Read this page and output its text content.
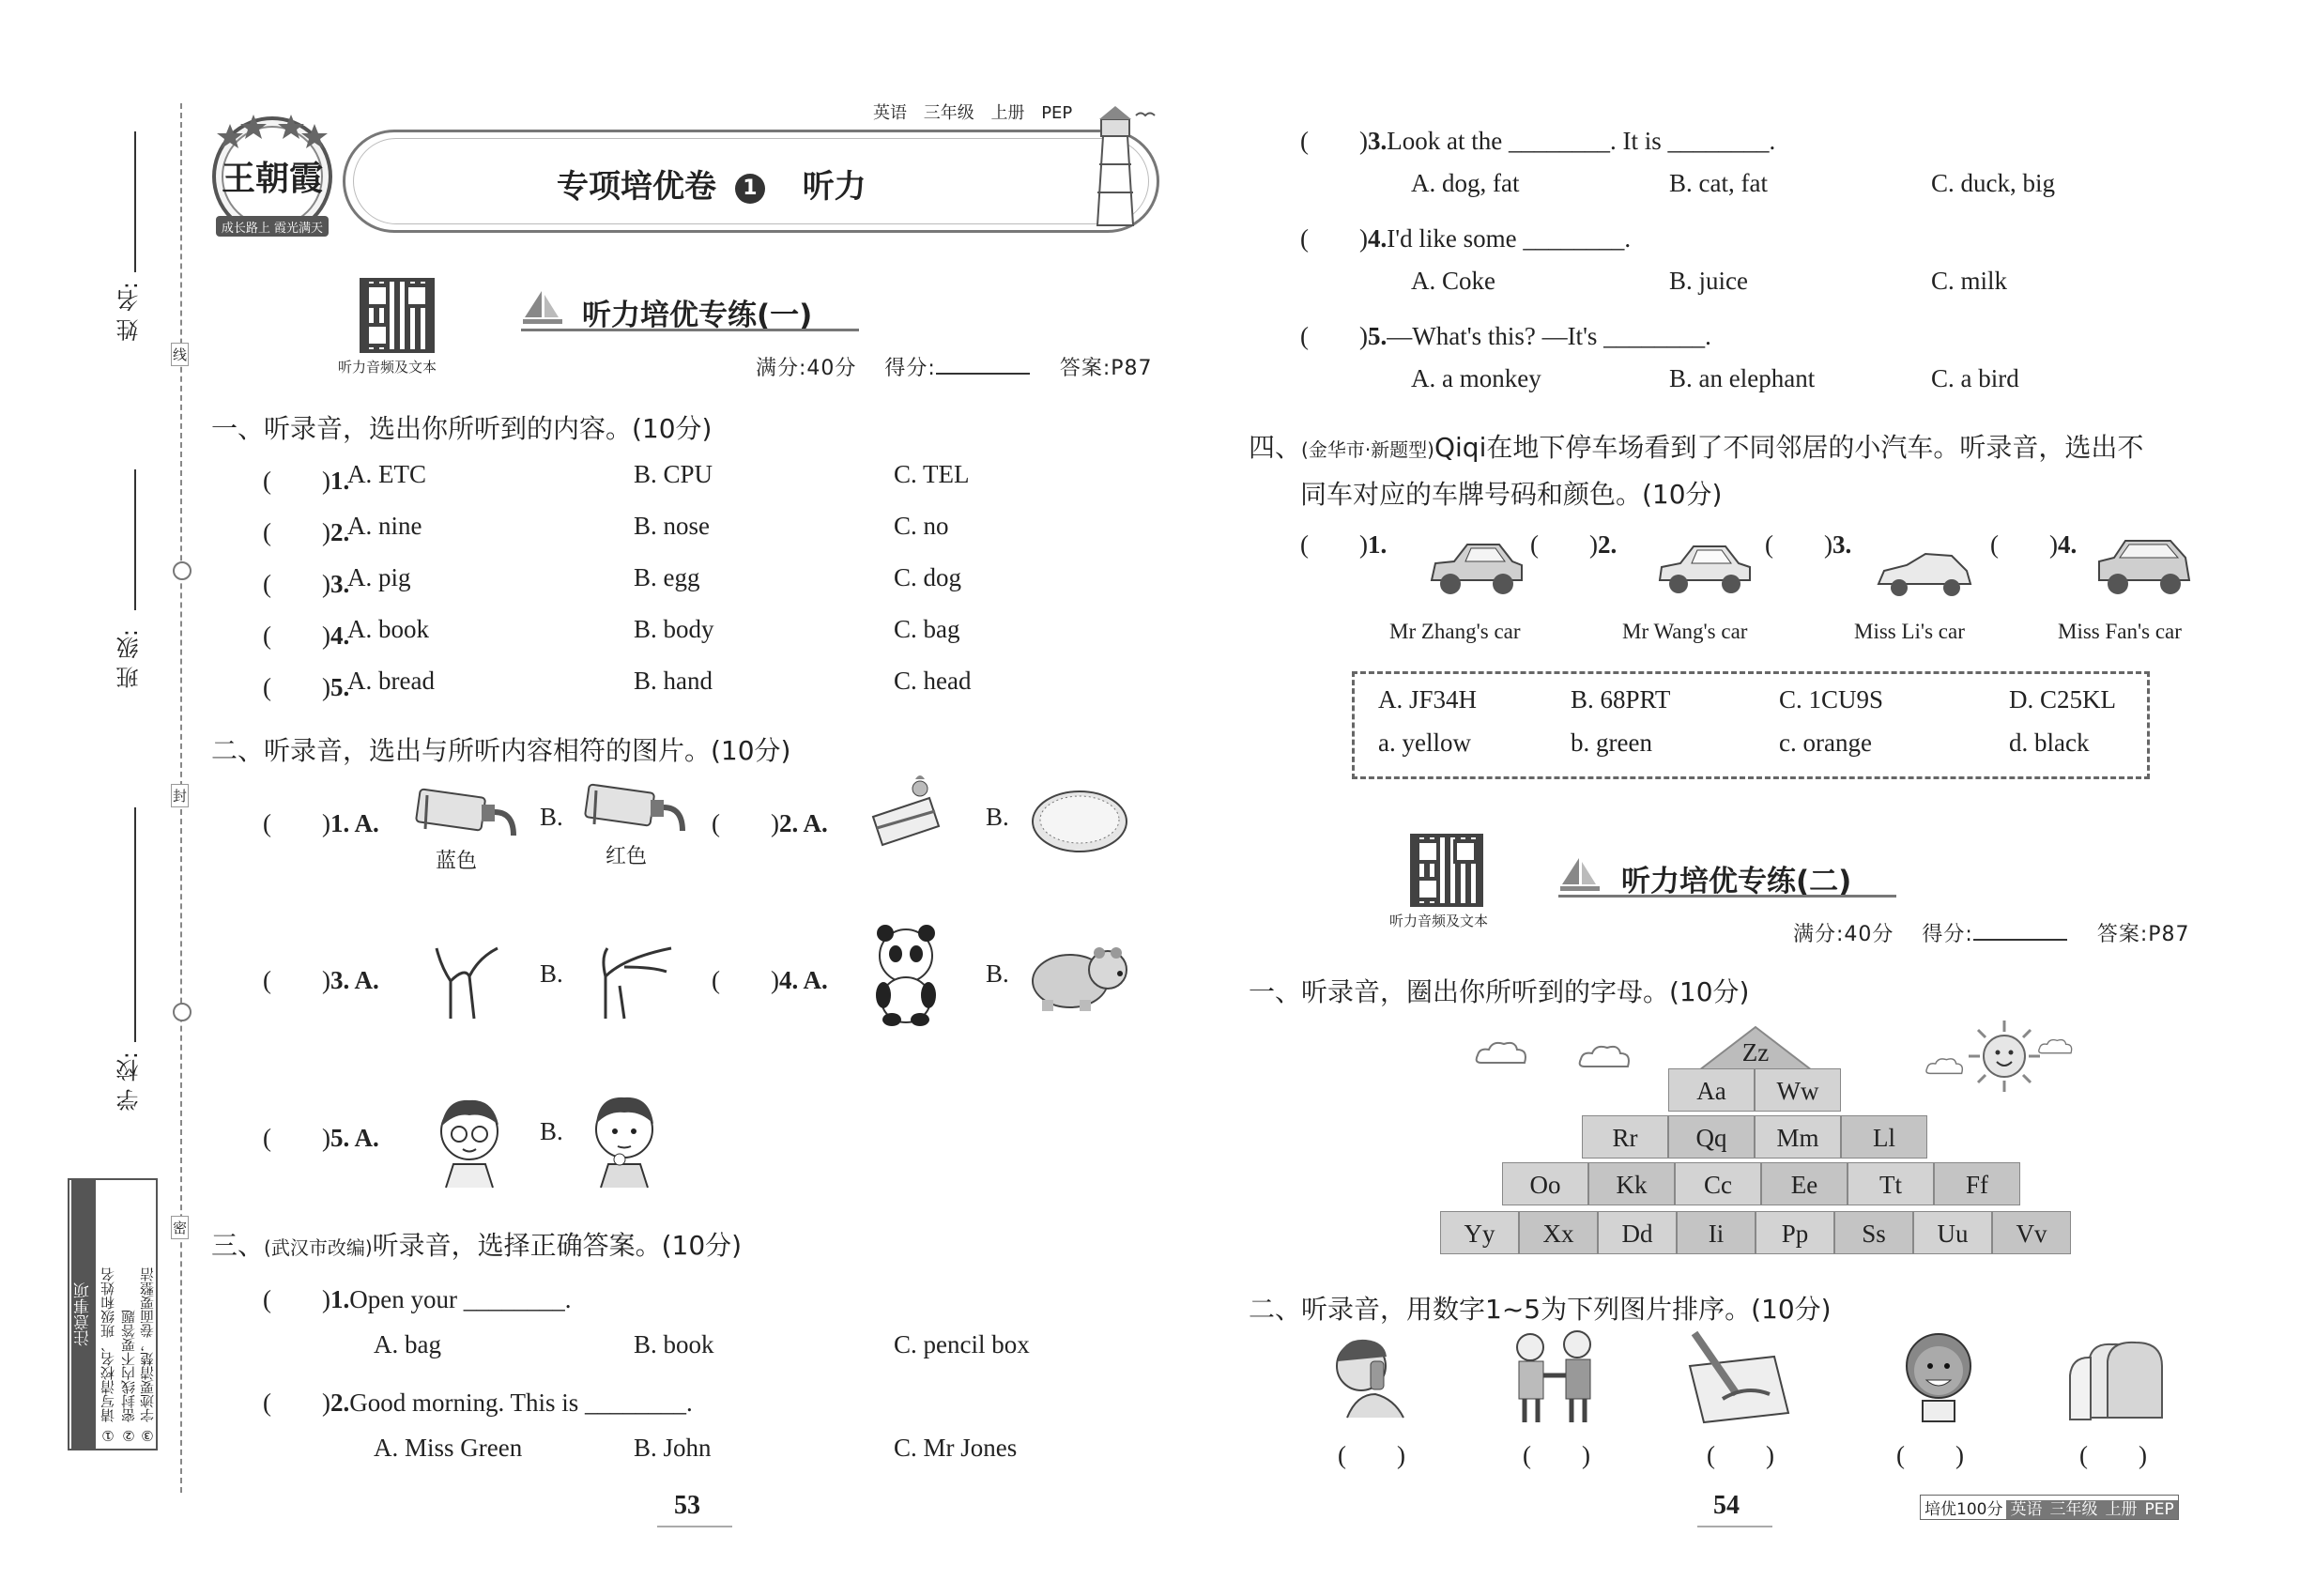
姓 名:
班 级:
学 校:
线
封
密
注意事项 ① 请写清校名、班级和姓名 ② 密封线内不要答题 ③ 字迹要清楚，卷面要整洁
王朝霞
成长路上 霞光满天
英语 三年级 上册 PEP
专项培优卷 1 听力
听力音频及文本
听力培优专练(一)
满分:40分 得分:	答案:P87
一、听录音，选出你所听到的内容。(10分)
(　　)1.
A. ETC	B. CPU	C. TEL
(　　)2.
A. nine	B. nose	C. no
(　　)3.
A. pig	B. egg	C. dog
(　　)4.
A. book	B. body	C. bag
(　　)5.
A. bread	B. hand	C. head
二、听录音，选出与所听内容相符的图片。(10分)
(　　)1. A.
蓝色
B.
红色
(　　)2. A.	B.
(　　)3. A.	B.	(　　)4. A.	B.
(　　)5. A.	B.
三、(武汉市改编)听录音，选择正确答案。(10分)
(　　)1.Open your ________.
A. bag	B. book	C. pencil box
(　　)2.Good morning. This is ________.
A. Miss Green	B. John	C. Mr Jones
53
(　　)3.Look at the ________. It is ________.
A. dog, fat	B. cat, fat	C. duck, big
(　　)4.I'd like some ________.
A. Coke	B. juice	C. milk
(　　)5.—What's this? —It's ________.
A. a monkey	B. an elephant	C. a bird
四、(金华市·新题型)Qiqi在地下停车场看到了不同邻居的小汽车。听录音，选出不
同车对应的车牌号码和颜色。(10分)
(　　)1.
Mr Zhang's car
(　　)2.
Mr Wang's car
(　　)3.
Miss Li's car
(　　)4.
Miss Fan's car
A. JF34H	B. 68PRT	C. 1CU9S	D. C25KL
a. yellow	b. green	c. orange	d. black
听力音频及文本
听力培优专练(二)
满分:40分 得分:	答案:P87
一、听录音，圈出你所听到的字母。(10分)
Zz
Aa	Ww
Rr	Qq	Mm	Ll
Oo	Kk	Cc	Ee	Tt	Ff
Yy	Xx	Dd	Ii	Pp	Ss	Uu	Vv
二、听录音，用数字1~5为下列图片排序。(10分)
(　　)	(　　)	(　　)	(　　)	(　　)
54	培优100分 英语 三年级 上册 PEP
